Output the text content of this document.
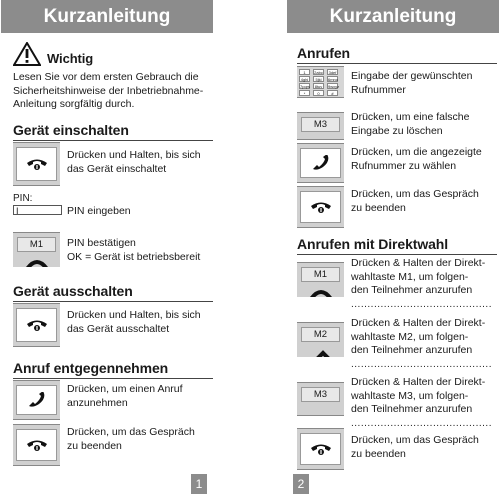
Kurzanleitung
Wichtig
Lesen Sie vor dem ersten Gebrauch die
Sicherheitshinweise der Inbetriebnahme-
Anleitung sorgfältig durch.
Gerät einschalten
Drücken und Halten, bis sich
das Gerät einschaltet
PIN:
I	PIN eingeben
M1	PIN bestätigen
OK = Gerät ist betriebsbereit
Gerät ausschalten
Drücken und Halten, bis sich
das Gerät ausschaltet
Anruf entgegennehmen
Drücken, um einen Anruf
anzunehmen
Drücken, um das Gespräch
zu beenden
1
Kurzanleitung
Anrufen
1	2abc	3def
4ghi	5jkl	6mno
7pqrs	8tuv	9wxyz
*	0	#
Eingabe der gewünschten
Rufnummer
M3
Drücken, um eine falsche
Eingabe zu löschen
Drücken, um die angezeigte
Rufnummer zu wählen
Drücken, um das Gespräch
zu beenden
Anrufen mit Direktwahl
M1
Drücken & Halten der Direkt-
wahltaste M1, um folgen-
den Teilnehmer anzurufen
...........................................
M2
Drücken & Halten der Direkt-
wahltaste M2, um folgen-
den Teilnehmer anzurufen
...........................................
M3
Drücken & Halten der Direkt-
wahltaste M3, um folgen-
den Teilnehmer anzurufen
...........................................
Drücken, um das Gespräch
zu beenden
2
